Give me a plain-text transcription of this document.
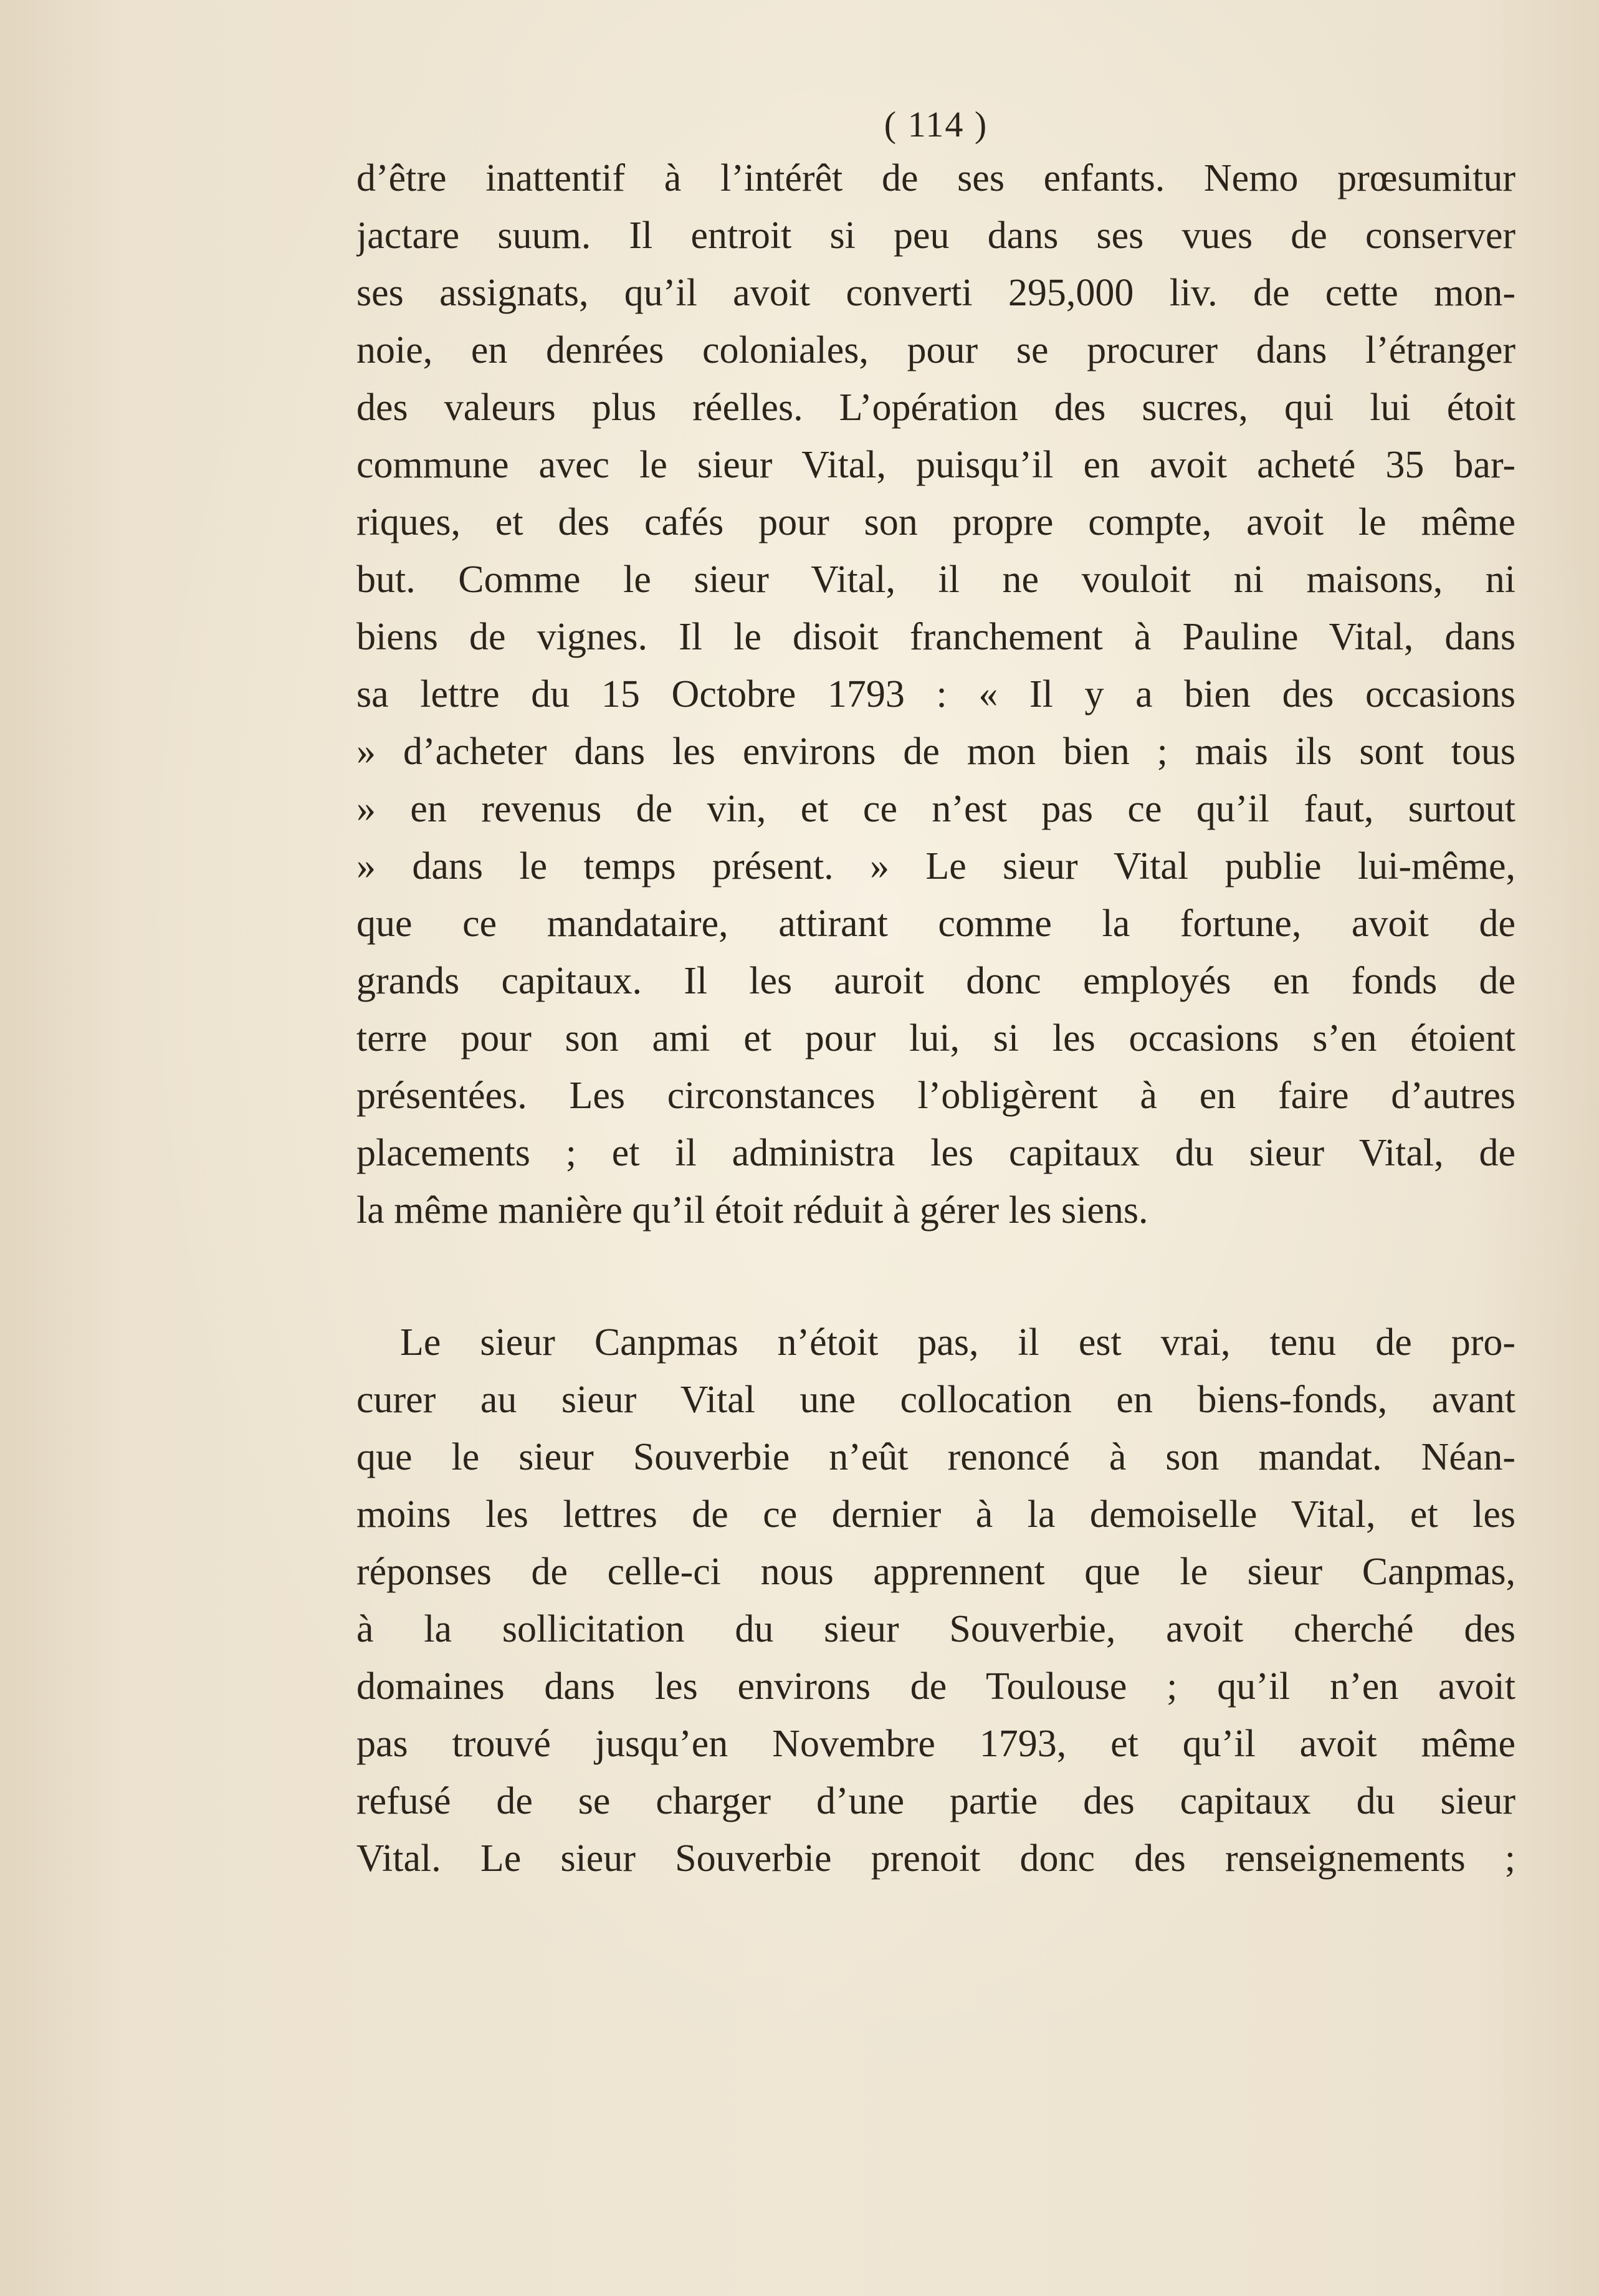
( 114 )
d’être inattentif à l’intérêt de ses enfants. Nemo prœsumitur
jactare suum. Il entroit si peu dans ses vues de conserver
ses assignats, qu’il avoit converti 295,000 liv. de cette mon-
noie, en denrées coloniales, pour se procurer dans l’étranger
des valeurs plus réelles. L’opération des sucres, qui lui étoit
commune avec le sieur Vital, puisqu’il en avoit acheté 35 bar-
riques, et des cafés pour son propre compte, avoit le même
but. Comme le sieur Vital, il ne vouloit ni maisons, ni
biens de vignes. Il le disoit franchement à Pauline Vital, dans
sa lettre du 15 Octobre 1793 : « Il y a bien des occasions
» d’acheter dans les environs de mon bien ; mais ils sont tous
» en revenus de vin, et ce n’est pas ce qu’il faut, surtout
» dans le temps présent. » Le sieur Vital publie lui-même,
que ce mandataire, attirant comme la fortune, avoit de
grands capitaux. Il les auroit donc employés en fonds de
terre pour son ami et pour lui, si les occasions s’en étoient
présentées. Les circonstances l’obligèrent à en faire d’autres
placements ; et il administra les capitaux du sieur Vital, de
la même manière qu’il étoit réduit à gérer les siens.
Le sieur Canpmas n’étoit pas, il est vrai, tenu de pro-
curer au sieur Vital une collocation en biens-fonds, avant
que le sieur Souverbie n’eût renoncé à son mandat. Néan-
moins les lettres de ce dernier à la demoiselle Vital, et les
réponses de celle-ci nous apprennent que le sieur Canpmas,
à la sollicitation du sieur Souverbie, avoit cherché des
domaines dans les environs de Toulouse ; qu’il n’en avoit
pas trouvé jusqu’en Novembre 1793, et qu’il avoit même
refusé de se charger d’une partie des capitaux du sieur
Vital. Le sieur Souverbie prenoit donc des renseignements ;
